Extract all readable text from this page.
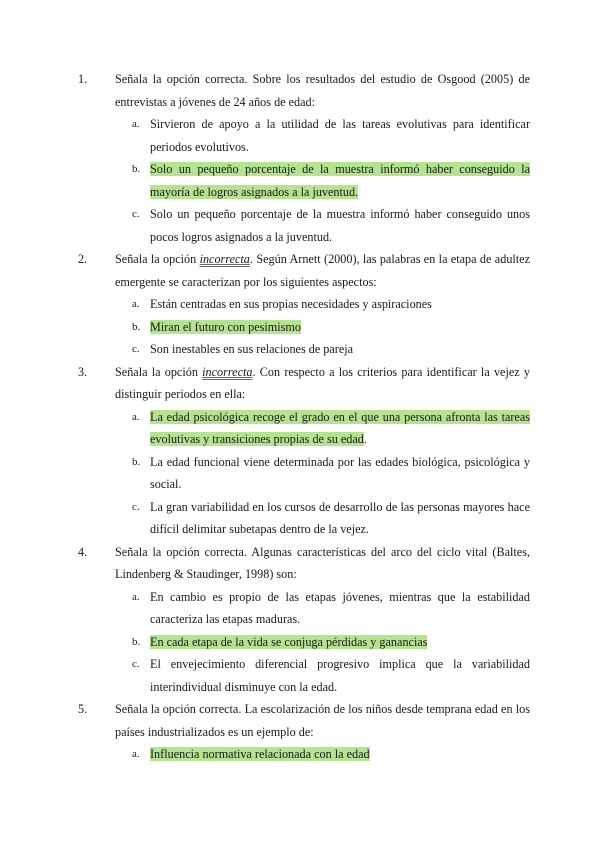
1. Señala la opción correcta. Sobre los resultados del estudio de Osgood (2005) de entrevistas a jóvenes de 24 años de edad:
a. Sirvieron de apoyo a la utilidad de las tareas evolutivas para identificar periodos evolutivos.
b. Solo un pequeño porcentaje de la muestra informó haber conseguido la mayoría de logros asignados a la juventud.
c. Solo un pequeño porcentaje de la muestra informó haber conseguido unos pocos logros asignados a la juventud.
2. Señala la opción incorrecta. Según Arnett (2000), las palabras en la etapa de adultez emergente se caracterizan por los siguientes aspectos:
a. Están centradas en sus propias necesidades y aspiraciones
b. Miran el futuro con pesimismo
c. Son inestables en sus relaciones de pareja
3. Señala la opción incorrecta. Con respecto a los criterios para identificar la vejez y distinguir periodos en ella:
a. La edad psicológica recoge el grado en el que una persona afronta las tareas evolutivas y transiciones propias de su edad.
b. La edad funcional viene determinada por las edades biológica, psicológica y social.
c. La gran variabilidad en los cursos de desarrollo de las personas mayores hace difícil delimitar subetapas dentro de la vejez.
4. Señala la opción correcta. Algunas características del arco del ciclo vital (Baltes, Lindenberg & Staudinger, 1998) son:
a. En cambio es propio de las etapas jóvenes, mientras que la estabilidad caracteriza las etapas maduras.
b. En cada etapa de la vida se conjuga pérdidas y ganancias
c. El envejecimiento diferencial progresivo implica que la variabilidad interindividual disminuye con la edad.
5. Señala la opción correcta. La escolarización de los niños desde temprana edad en los países industrializados es un ejemplo de:
a. Influencia normativa relacionada con la edad
